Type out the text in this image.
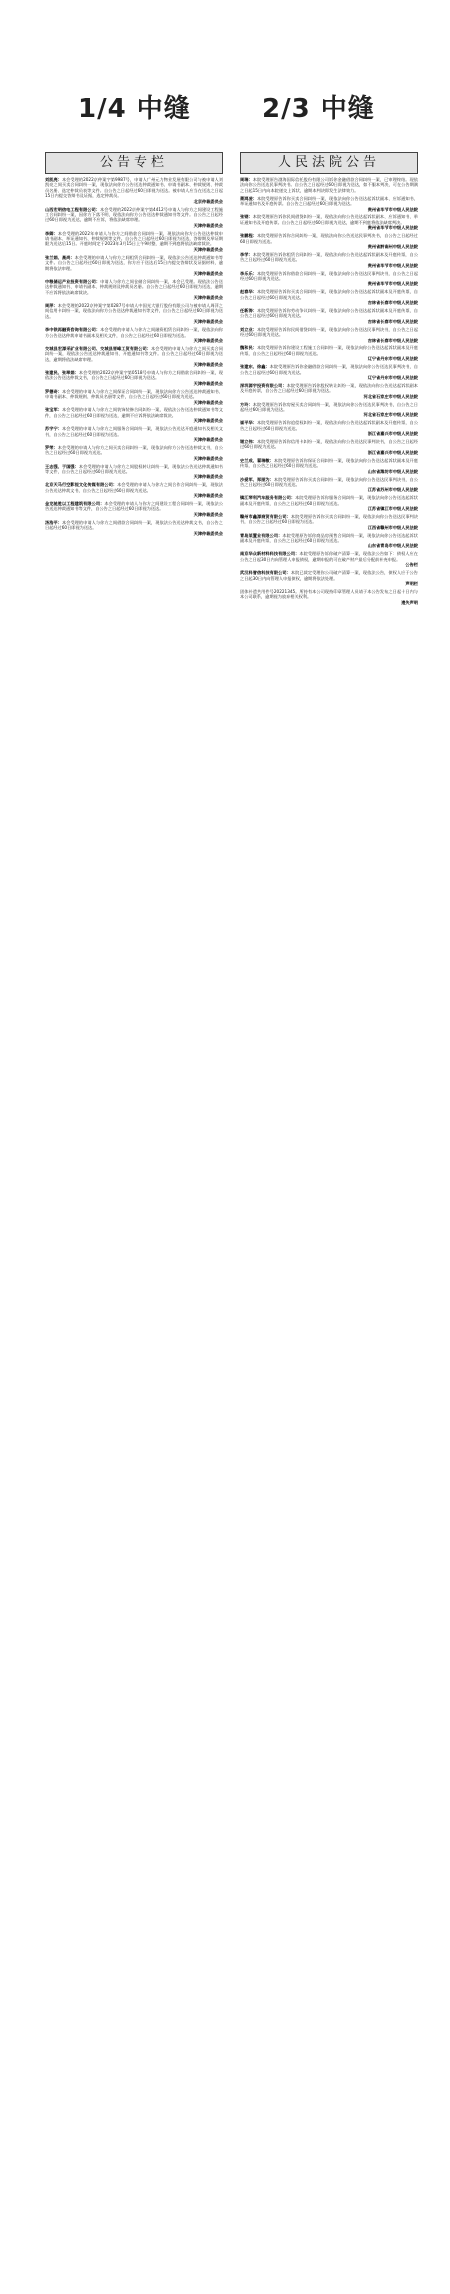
1/4 中缝	2/3 中缝
公告专栏
刘凯亮：本会受理的2022京仲案字第9987号，申请人广州元力物业发展有限公司与被申请人刘凯亮之间买卖合同纠纷一案，现依法向你方公告送达仲裁通知书、申请书副本、仲裁规则、仲裁员名册、选定仲裁员表等文件。自公告之日起经过60日即视为送达。被申请人应当在送达之日起15日内提交答辩书及证据，选定仲裁员。
北京仲裁委员会
山西宏明信电工程有限公司：本会受理的2022京仲案字第4412号申请人与你方之间建设工程施工合同纠纷一案，因你方下落不明，现依法向你方公告送达仲裁通知书等文件。自公告之日起经过60日即视为送达，逾期不应诉，将依法缺席审理。
天津仲裁委员会
李卿：本会受理的2022年申请人与你方之间借款合同纠纷一案，现依法向你方公告送达仲裁申请书副本、举证通知书、仲裁规则等文件。自公告之日起经过60日即视为送达，答辩期及举证期限为送达后15日。开庭时间定于2023年3月15日上午9时整，逾期不到庭将依法缺席裁决。
天津仲裁委员会
张兰娟、高尚：本会受理的申请人与你方之间租赁合同纠纷一案，现依法公告送达仲裁通知书等文件。自公告之日起经过60日即视为送达，你方应于送达后15日内提交答辩状及证据材料，逾期将依法审理。
天津仲裁委员会
中粮储运产业投资有限公司：申请人与你方之间仓储合同纠纷一案，本会已受理。现依法公告送达仲裁通知书、申请书副本、仲裁规则及仲裁员名册。自公告之日起经过60日即视为送达，逾期不应诉将依法缺席裁决。
天津仲裁委员会
周萍：本会受理的2022京仲案字第0287号申请人中国光大银行股份有限公司与被申请人周萍之间信用卡纠纷一案，现依法向你方公告送达仲裁通知书等文件，自公告之日起经过60日即视为送达。
天津仲裁委员会
李中铁再融资咨询有限公司：本会受理的申请人与你方之间融资租赁合同纠纷一案，现依法向你方公告送达仲裁申请书副本及相关文件，自公告之日起经过60日即视为送达。
天津仲裁委员会
交城县宏源采矿业有限公司、交城县晋峰工贸有限公司：本会受理的申请人与你方之间买卖合同纠纷一案，现依法公告送达仲裁通知书、开庭通知书等文件。自公告之日起经过60日即视为送达，逾期将依法缺席审理。
天津仲裁委员会
张建民、张翠娟：本会受理的2022京仲案字第0518号申请人与你方之间借款合同纠纷一案，现依法公告送达仲裁文书，自公告之日起经过60日即视为送达。
天津仲裁委员会
罗德奇：本会受理的申请人与你方之间保证合同纠纷一案，现依法向你方公告送达仲裁通知书、申请书副本、仲裁规则、仲裁员名册等文件，自公告之日起经过60日即视为送达。
天津仲裁委员会
张宝军：本会受理的申请人与你方之间装饰装修合同纠纷一案，现依法公告送达仲裁通知书等文件，自公告之日起经过60日即视为送达，逾期不应诉将依法缺席裁决。
天津仲裁委员会
苏宇宁：本会受理的申请人与你方之间服务合同纠纷一案，现依法公告送达开庭通知书及相关文书，自公告之日起经过60日即视为送达。
天津仲裁委员会
罗荣：本会受理的申请人与你方之间买卖合同纠纷一案，现依法向你方公告送达仲裁文书，自公告之日起经过60日即视为送达。
天津仲裁委员会
王志强、于国强：本会受理的申请人与你方之间股权转让纠纷一案，现依法公告送达仲裁通知书等文件，自公告之日起经过60日即视为送达。
天津仲裁委员会
北京天马行空影视文化传媒有限公司：本会受理的申请人与你方之间合作合同纠纷一案，现依法公告送达仲裁文书，自公告之日起经过60日即视为送达。
天津仲裁委员会
金龙驰胜以工程建筑有限公司：本会受理的申请人与你方之间建设工程合同纠纷一案，现依法公告送达仲裁通知书等文件，自公告之日起经过60日即视为送达。
天津仲裁委员会
汤浩平：本会受理的申请人与你方之间借款合同纠纷一案，现依法公告送达仲裁文书，自公告之日起经过60日即视为送达。
天津仲裁委员会
人民法院公告
周瑞：本院受理原告渤海国际信托股份有限公司诉你金融借款合同纠纷一案，已审理终结。现依法向你公告送达民事判决书。自公告之日起经过60日即视为送达，如不服本判决，可在公告期满之日起15日内向本院递交上诉状，逾期本判决即发生法律效力。
萧鸿凌：本院受理原告诉你买卖合同纠纷一案，现依法向你公告送达起诉状副本、应诉通知书、举证通知书及开庭传票。自公告之日起经过60日即视为送达。
贵州省毕节市中级人民法院
张钢：本院受理原告诉你民间借贷纠纷一案，现依法向你公告送达起诉状副本、应诉通知书、举证通知书及开庭传票。自公告之日起经过60日即视为送达，逾期不到庭将依法缺席判决。
贵州省毕节市中级人民法院
张鹏程：本院受理原告诉你合同纠纷一案，现依法向你公告送达民事判决书，自公告之日起经过60日即视为送达。
贵州省黔南州中级人民法院
李学：本院受理原告诉你租赁合同纠纷一案，现依法向你公告送达起诉状副本及开庭传票，自公告之日起经过60日即视为送达。
贵州省毕节市中级人民法院
李乐乐：本院受理原告诉你借款合同纠纷一案，现依法向你公告送达民事判决书，自公告之日起经过60日即视为送达。
贵州省毕节市中级人民法院
赵春华：本院受理原告诉你买卖合同纠纷一案，现依法向你公告送达起诉状副本及开庭传票，自公告之日起经过60日即视为送达。
吉林省长春市中级人民法院
任新涛：本院受理原告诉你劳动争议纠纷一案，现依法向你公告送达起诉状副本及开庭传票，自公告之日起经过60日即视为送达。
吉林省长春市中级人民法院
刘立业：本院受理原告诉你民间借贷纠纷一案，现依法向你公告送达民事判决书，自公告之日起经过60日即视为送达。
吉林省长春市中级人民法院
魏和民：本院受理原告诉你建设工程施工合同纠纷一案，现依法向你公告送达起诉状副本及开庭传票，自公告之日起经过60日即视为送达。
辽宁省丹东市中级人民法院
张建东、徐鑫：本院受理原告诉你金融借款合同纠纷一案，现依法向你公告送达民事判决书，自公告之日起经过60日即视为送达。
辽宁省丹东市中级人民法院
深圳源宇投资有限公司：本院受理原告诉你股权转让纠纷一案，现依法向你公告送达起诉状副本及开庭传票，自公告之日起经过60日即视为送达。
河北省石家庄市中级人民法院
方玲：本院受理原告诉你房屋买卖合同纠纷一案，现依法向你公告送达民事判决书，自公告之日起经过60日即视为送达。
河北省石家庄市中级人民法院
崔平华：本院受理原告诉你追偿权纠纷一案，现依法向你公告送达起诉状副本及开庭传票，自公告之日起经过60日即视为送达。
浙江省嘉兴市中级人民法院
谢立伟：本院受理原告诉你信用卡纠纷一案，现依法向你公告送达民事判决书，自公告之日起经过60日即视为送达。
浙江省嘉兴市中级人民法院
史兰成、翟瑞敏：本院受理原告诉你保证合同纠纷一案，现依法向你公告送达起诉状副本及开庭传票，自公告之日起经过60日即视为送达。
山东省潍坊市中级人民法院
沙爱军、郑丽为：本院受理原告诉你买卖合同纠纷一案，现依法向你公告送达民事判决书，自公告之日起经过60日即视为送达。
江苏省苏州市中级人民法院
镇江琴利汽车服务有限公司：本院受理原告诉你服务合同纠纷一案，现依法向你公告送达起诉状副本及开庭传票，自公告之日起经过60日即视为送达。
江苏省镇江市中级人民法院
赣州市鑫源商贸有限公司：本院受理原告诉你买卖合同纠纷一案，现依法向你公告送达民事判决书，自公告之日起经过60日即视为送达。
江西省赣州市中级人民法院
青岛某置业有限公司：本院受理原告诉你商品房预售合同纠纷一案，现依法向你公告送达起诉状副本及开庭传票，自公告之日起经过60日即视为送达。
山东省青岛市中级人民法院
南京华众新材料科技有限公司：本院受理原告诉你破产清算一案，现依法公告如下：债权人应在公告之日起30日内向管理人申报债权，逾期申报的可在破产财产最后分配前补充申报。
公告栏
武汉科誉信科技有限公司：本院已裁定受理你公司破产清算一案，现依法公告，债权人应于公告之日起30日内向管理人申报债权，逾期将依法处理。
声明栏
团体补遗共用件号20221345。所持有本公司现持印章管理人员请于本公告发布之日起十日内与本公司联系，逾期视为放弃相关权利。
遗失声明
